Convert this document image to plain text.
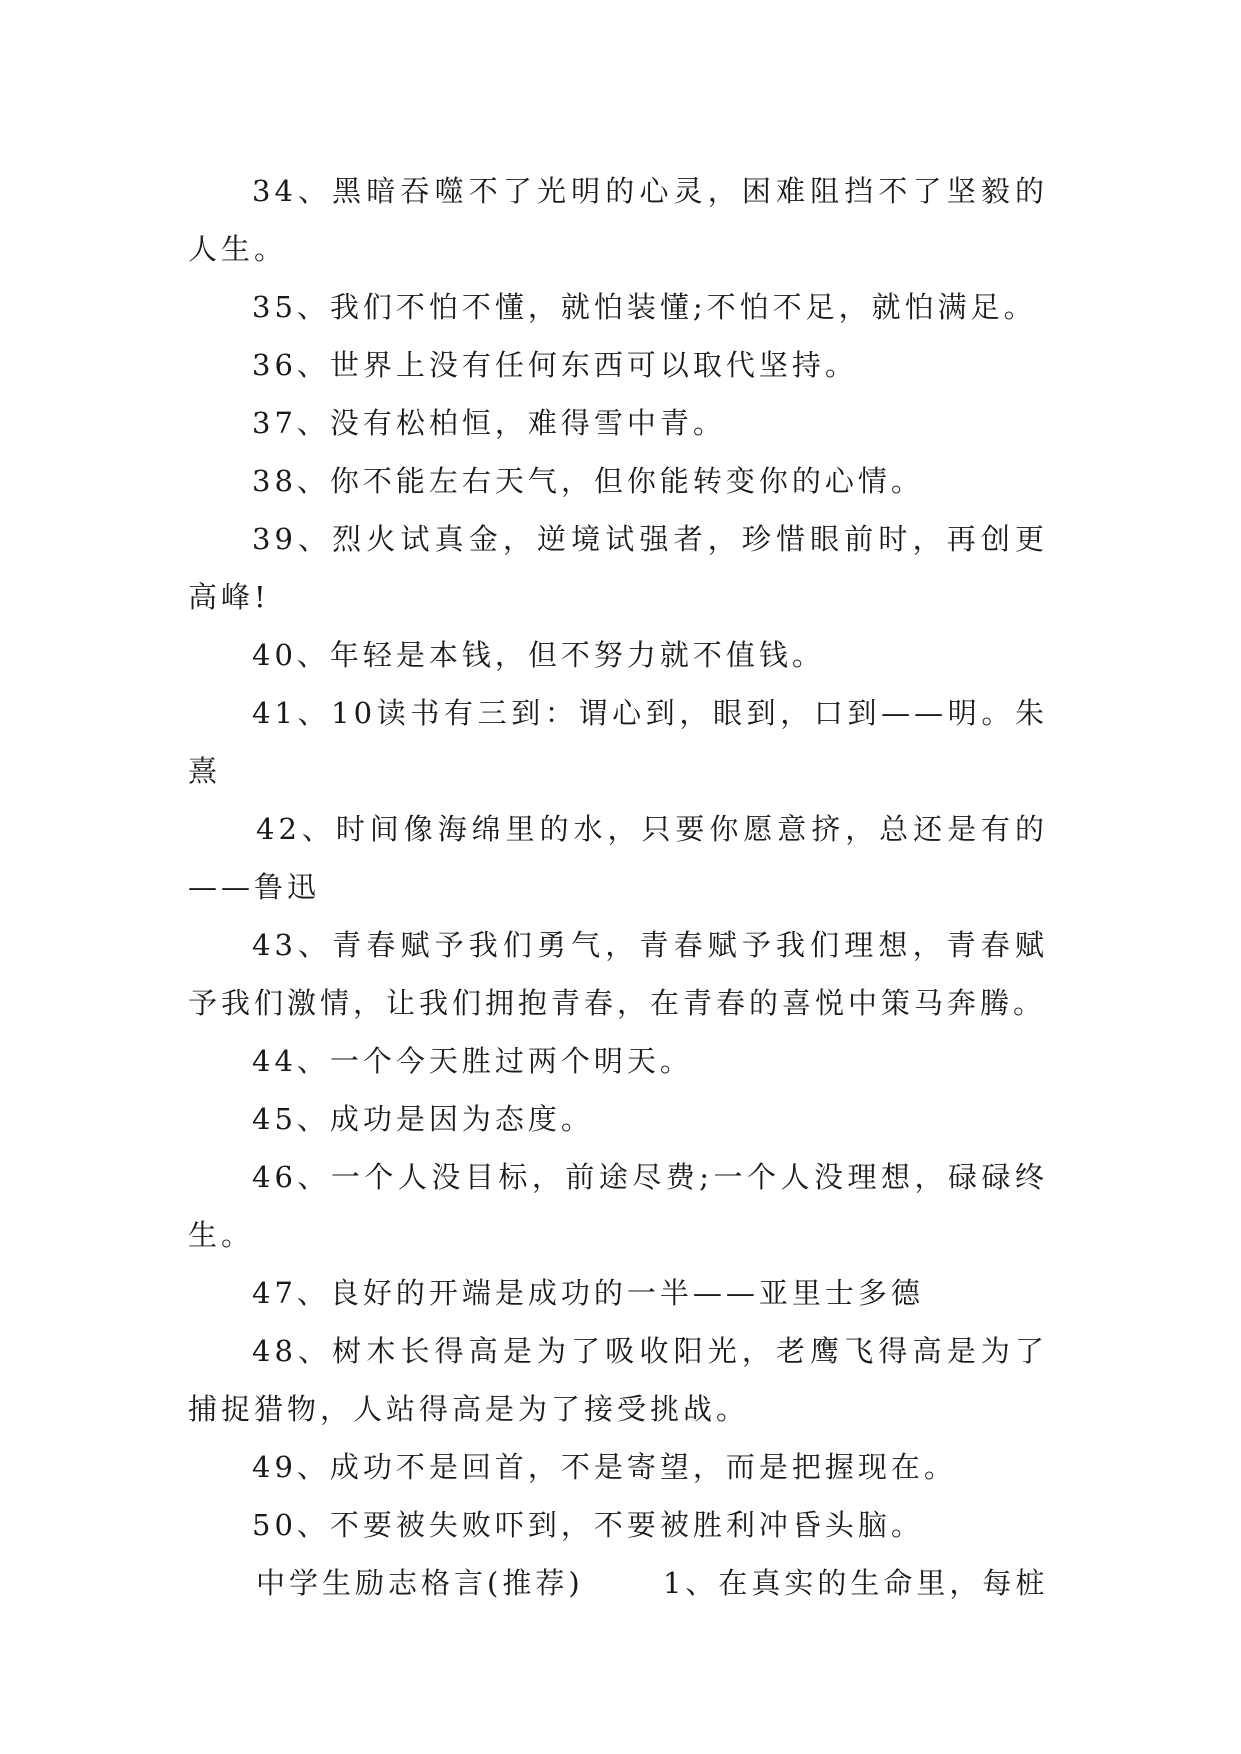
34、黑暗吞噬不了光明的心灵，困难阻挡不了坚毅的人生。

35、我们不怕不懂，就怕装懂;不怕不足，就怕满足。

36、世界上没有任何东西可以取代坚持。

37、没有松柏恒，难得雪中青。

38、你不能左右天气，但你能转变你的心情。

39、烈火试真金，逆境试强者，珍惜眼前时，再创更高峰!

40、年轻是本钱，但不努力就不值钱。

41、10读书有三到：谓心到，眼到，口到——明。朱熹

42、时间像海绵里的水，只要你愿意挤，总还是有的——鲁迅

43、青春赋予我们勇气，青春赋予我们理想，青春赋予我们激情，让我们拥抱青春，在青春的喜悦中策马奔腾。

44、一个今天胜过两个明天。

45、成功是因为态度。

46、一个人没目标，前途尽费;一个人没理想，碌碌终生。

47、良好的开端是成功的一半——亚里士多德

48、树木长得高是为了吸收阳光，老鹰飞得高是为了捕捉猎物，人站得高是为了接受挑战。

49、成功不是回首，不是寄望，而是把握现在。

50、不要被失败吓到，不要被胜利冲昏头脑。

中学生励志格言(推荐)      1、在真实的生命里，每桩
